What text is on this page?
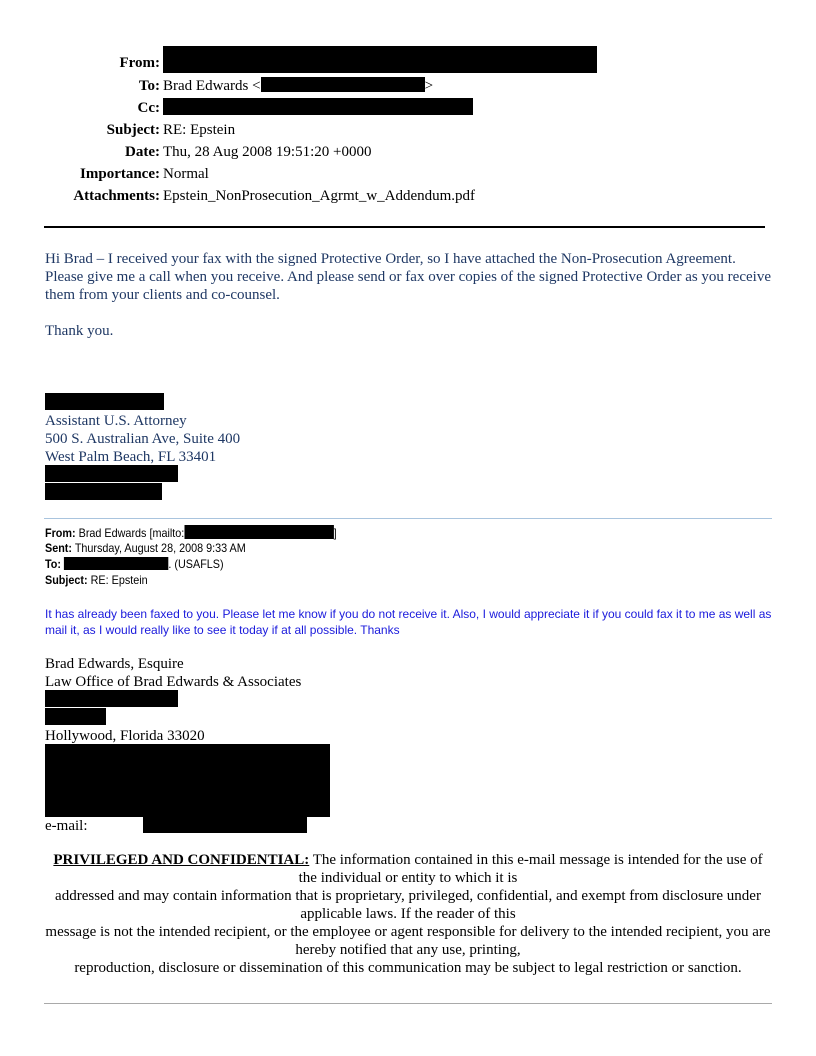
From:
To: Brad Edwards <	>
Cc:
Subject: RE: Epstein
Date: Thu, 28 Aug 2008 19:51:20 +0000
Importance: Normal
Attachments: Epstein_NonProsecution_Agrmt_w_Addendum.pdf
Hi Brad – I received your fax with the signed Protective Order, so I have attached the Non-Prosecution Agreement. Please give me a call when you receive. And please send or fax over copies of the signed Protective Order as you receive them from your clients and co-counsel.
Thank you.
Assistant U.S. Attorney
500 S. Australian Ave, Suite 400
West Palm Beach, FL 33401
From: Brad Edwards [mailto:	]
Sent: Thursday, August 28, 2008 9:33 AM
To:	. (USAFLS)
Subject: RE: Epstein
It has already been faxed to you. Please let me know if you do not receive it. Also, I would appreciate it if you could fax it to me as well as mail it, as I would really like to see it today if at all possible. Thanks
Brad Edwards, Esquire
Law Office of Brad Edwards & Associates
Hollywood, Florida 33020
e-mail:

PRIVILEGED AND CONFIDENTIAL: The information contained in this e-mail message is intended for the use of the individual or entity to which it is

addressed and may contain information that is proprietary, privileged, confidential, and exempt from disclosure under applicable laws. If the reader of this

message is not the intended recipient, or the employee or agent responsible for delivery to the intended recipient, you are hereby notified that any use, printing,

reproduction, disclosure or dissemination of this communication may be subject to legal restriction or sanction.
